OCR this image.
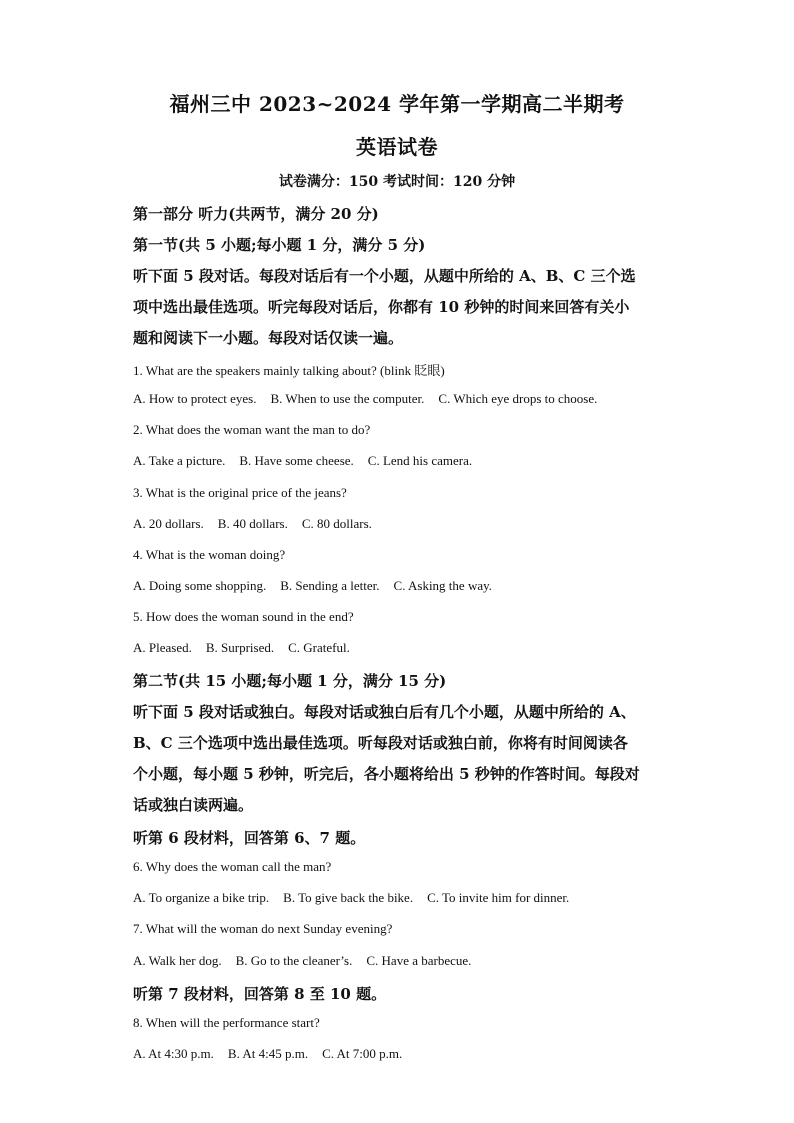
福州三中 2023~2024 学年第一学期高二半期考
英语试卷
试卷满分：150 考试时间：120 分钟
第一部分 听力(共两节，满分 20 分)
第一节(共 5 小题;每小题 1 分，满分 5 分)
听下面 5 段对话。每段对话后有一个小题，从题中所给的 A、B、C 三个选
项中选出最佳选项。听完每段对话后，你都有 10 秒钟的时间来回答有关小
题和阅读下一小题。每段对话仅读一遍。
1. What are the speakers mainly talking about? (blink 眨眼)
A. How to protect eyes. B. When to use the computer. C. Which eye drops to choose.
2. What does the woman want the man to do?
A. Take a picture. B. Have some cheese. C. Lend his camera.
3. What is the original price of the jeans?
A. 20 dollars. B. 40 dollars. C. 80 dollars.
4. What is the woman doing?
A. Doing some shopping. B. Sending a letter. C. Asking the way.
5. How does the woman sound in the end?
A. Pleased. B. Surprised. C. Grateful.
第二节(共 15 小题;每小题 1 分，满分 15 分)
听下面 5 段对话或独白。每段对话或独白后有几个小题，从题中所给的 A、
B、C 三个选项中选出最佳选项。听每段对话或独白前，你将有时间阅读各
个小题，每小题 5 秒钟，听完后，各小题将给出 5 秒钟的作答时间。每段对
话或独白读两遍。
听第 6 段材料，回答第 6、7 题。
6. Why does the woman call the man?
A. To organize a bike trip. B. To give back the bike. C. To invite him for dinner.
7. What will the woman do next Sunday evening?
A. Walk her dog. B. Go to the cleaner’s. C. Have a barbecue.
听第 7 段材料，回答第 8 至 10 题。
8. When will the performance start?
A. At 4:30 p.m. B. At 4:45 p.m. C. At 7:00 p.m.
